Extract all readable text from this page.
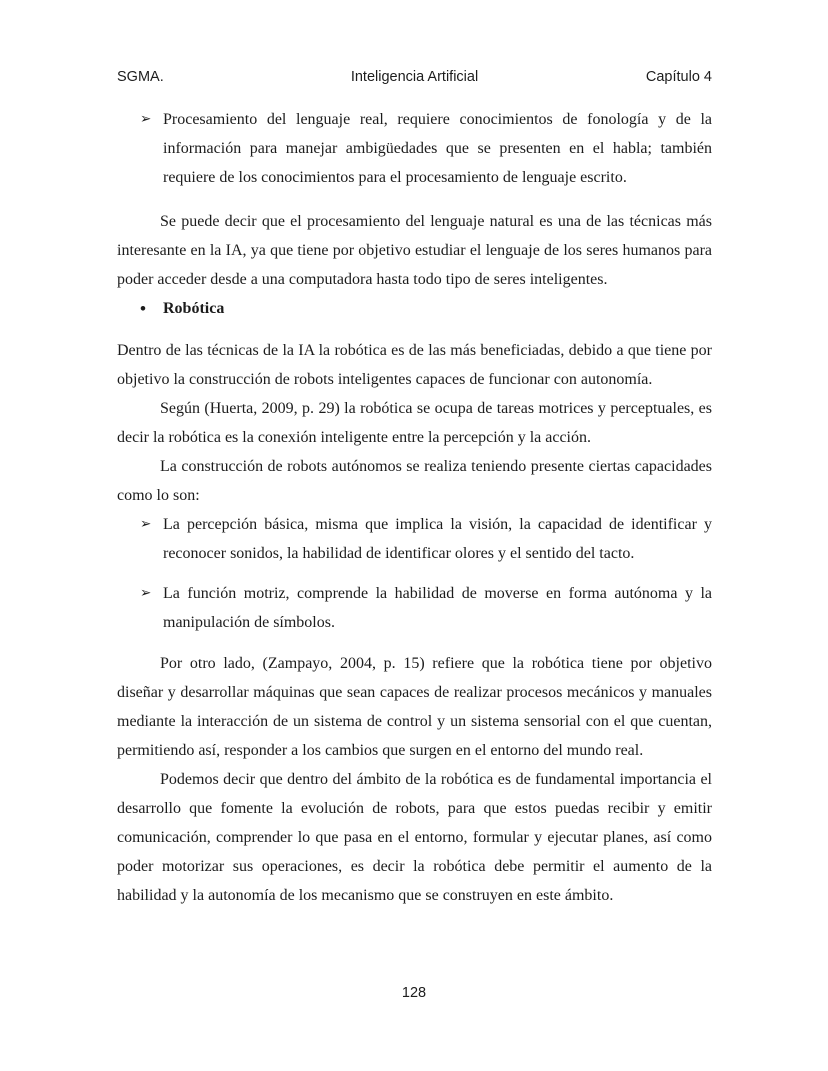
SGMA.	Inteligencia Artificial	Capítulo 4
➢ Procesamiento del lenguaje real, requiere conocimientos de fonología y de la información para manejar ambigüedades que se presenten en el habla; también requiere de los conocimientos para el procesamiento de lenguaje escrito.

Se puede decir que el procesamiento del lenguaje natural es una de las técnicas más interesante en la IA, ya que tiene por objetivo estudiar el lenguaje de los seres humanos para poder acceder desde a una computadora hasta todo tipo de seres inteligentes.

• Robótica

Dentro de las técnicas de la IA la robótica es de las más beneficiadas, debido a que tiene por objetivo la construcción de robots inteligentes capaces de funcionar con autonomía.

Según (Huerta, 2009, p. 29) la robótica se ocupa de tareas motrices y perceptuales, es decir la robótica es la conexión inteligente entre la percepción y la acción.

La construcción de robots autónomos se realiza teniendo presente ciertas capacidades como lo son:

➢ La percepción básica, misma que implica la visión, la capacidad de identificar y reconocer sonidos, la habilidad de identificar olores y el sentido del tacto.

➢ La función motriz, comprende la habilidad de moverse en forma autónoma y la manipulación de símbolos.

Por otro lado, (Zampayo, 2004, p. 15) refiere que la robótica tiene por objetivo diseñar y desarrollar máquinas que sean capaces de realizar procesos mecánicos y manuales mediante la interacción de un sistema de control y un sistema sensorial con el que cuentan, permitiendo así, responder a los cambios que surgen en el entorno del mundo real.

Podemos decir que dentro del ámbito de la robótica es de fundamental importancia el desarrollo que fomente la evolución de robots, para que estos puedas recibir y emitir comunicación, comprender lo que pasa en el entorno, formular y ejecutar planes, así como poder motorizar sus operaciones, es decir la robótica debe permitir el aumento de la habilidad y la autonomía de los mecanismo que se construyen en este ámbito.

128
